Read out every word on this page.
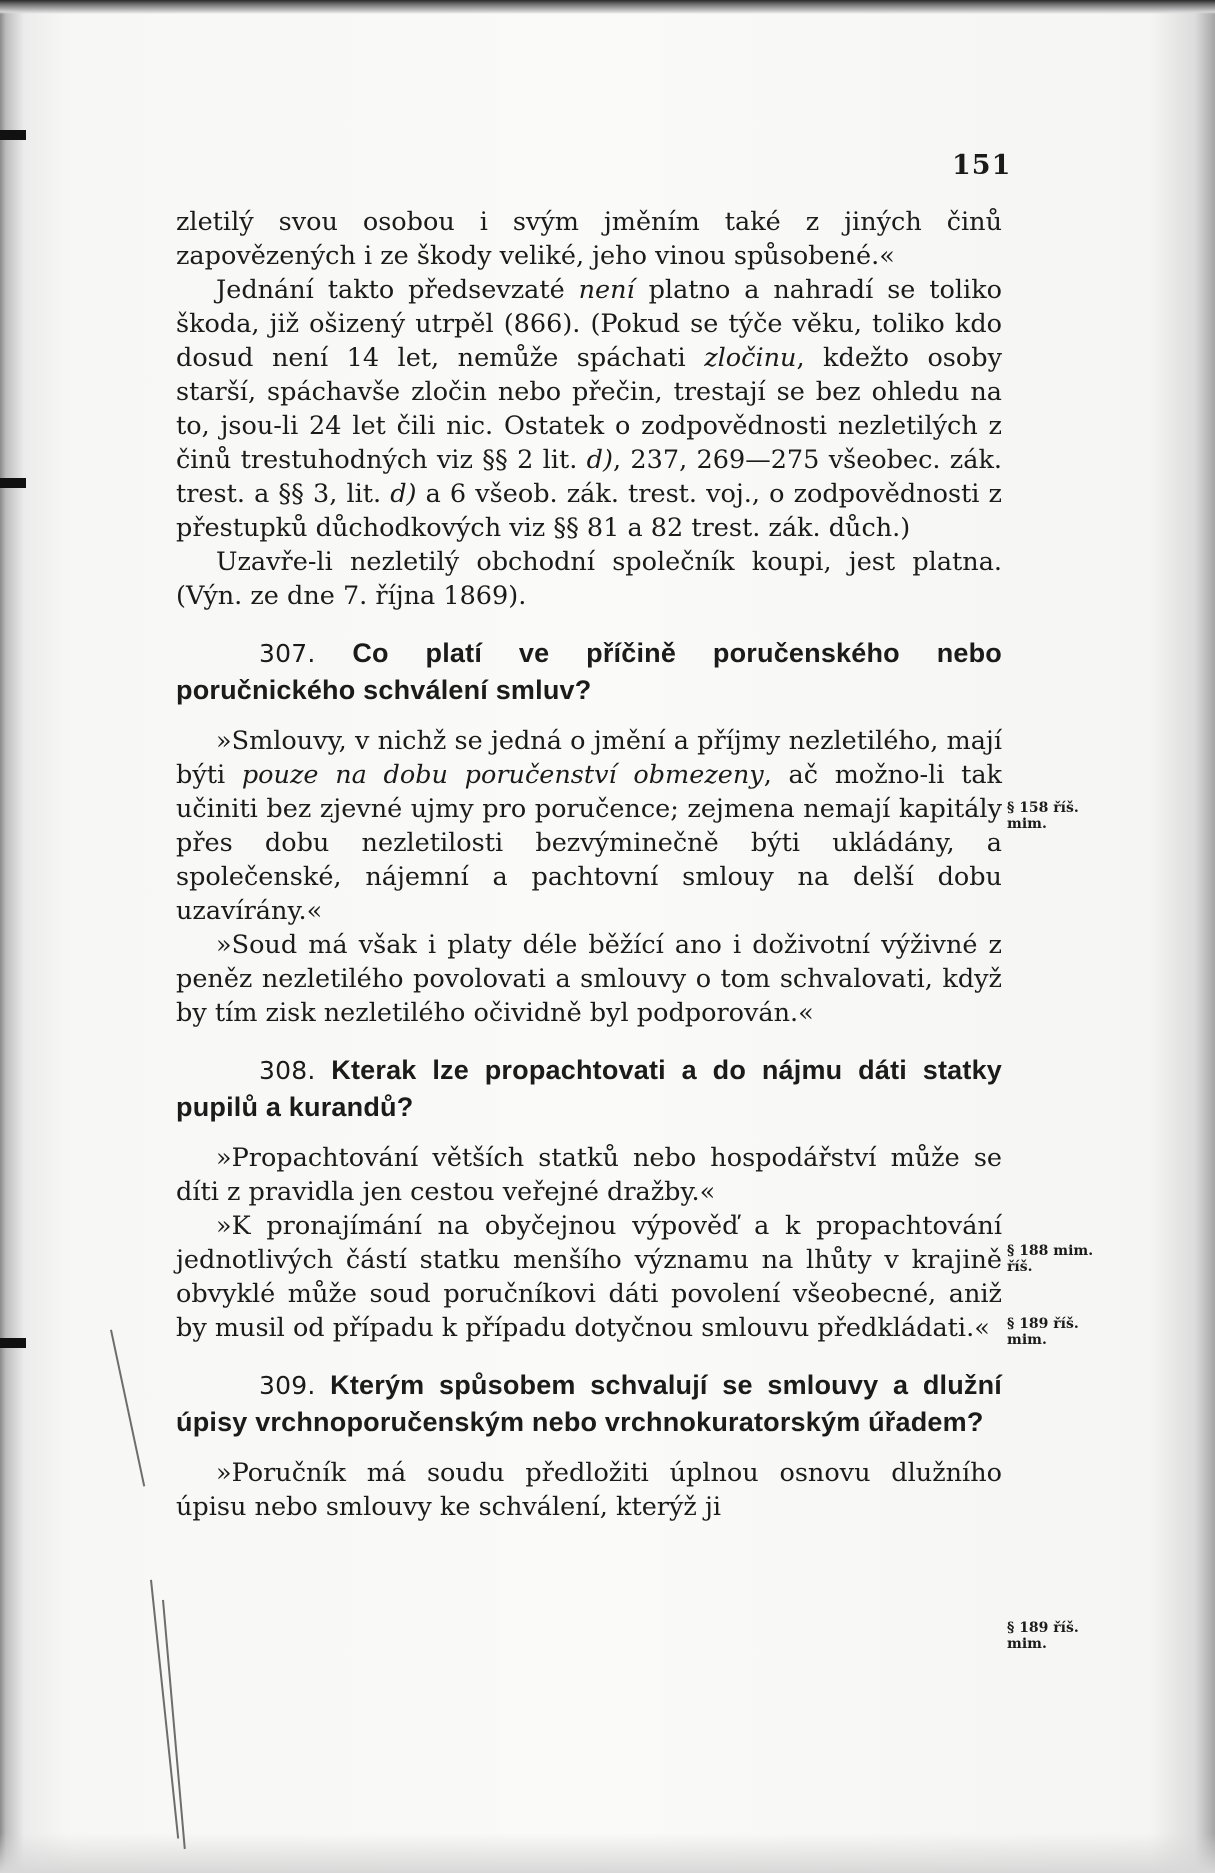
151

zletilý svou osobou i svým jměním také z jiných činů zapovězených i ze škody veliké, jeho vinou spůsobené.«

Jednání takto předsevzaté není platno a nahradí se toliko škoda, již ošizený utrpěl (866). (Pokud se týče věku, toliko kdo dosud není 14 let, nemůže spáchati zločinu, kdežto osoby starší, spáchavše zločin nebo přečin, trestají se bez ohledu na to, jsou-li 24 let čili nic. Ostatek o zodpovědnosti nezletilých z činů trestuhodných viz §§ 2 lit. d), 237, 269—275 všeobec. zák. trest. a §§ 3, lit. d) a 6 všeob. zák. trest. voj., o zodpovědnosti z přestupků důchodkových viz §§ 81 a 82 trest. zák. důch.)

Uzavře-li nezletilý obchodní společník koupi, jest platna. (Výn. ze dne 7. října 1869).

307. Co platí ve příčině poručenského nebo poručnického schválení smluv?

»Smlouvy, v nichž se jedná o jmění a příjmy nezletilého, mají býti pouze na dobu poručenství obmezeny, ač možno-li tak učiniti bez zjevné ujmy pro poručence; zejmena nemají kapitály přes dobu nezletilosti bezvýminečně býti ukládány, a společenské, nájemní a pachtovní smlouy na delší dobu uzavírány.«

»Soud má však i platy déle běžící ano i doživotní výživné z peněz nezletilého povolovati a smlouvy o tom schvalovati, když by tím zisk nezletilého očividně byl podporován.«

308. Kterak lze propachtovati a do nájmu dáti statky pupilů a kurandů?

»Propachtování větších statků nebo hospodářství může se díti z pravidla jen cestou veřejné dražby.«

»K pronajímání na obyčejnou výpověď a k propachtování jednotlivých částí statku menšího významu na lhůty v krajině obvyklé může soud poručníkovi dáti povolení všeobecné, aniž by musil od případu k případu dotyčnou smlouvu předkládati.«

309. Kterým spůsobem schvalují se smlouvy a dlužní úpisy vrchnoporučenským nebo vrchnokuratorským úřadem?

»Poručník má soudu předložiti úplnou osnovu dlužního úpisu nebo smlouvy ke schválení, kterýž ji

§ 158 říš. mim.
§ 188 mim. říš.
§ 189 říš. mim.
§ 189 říš. mim.
